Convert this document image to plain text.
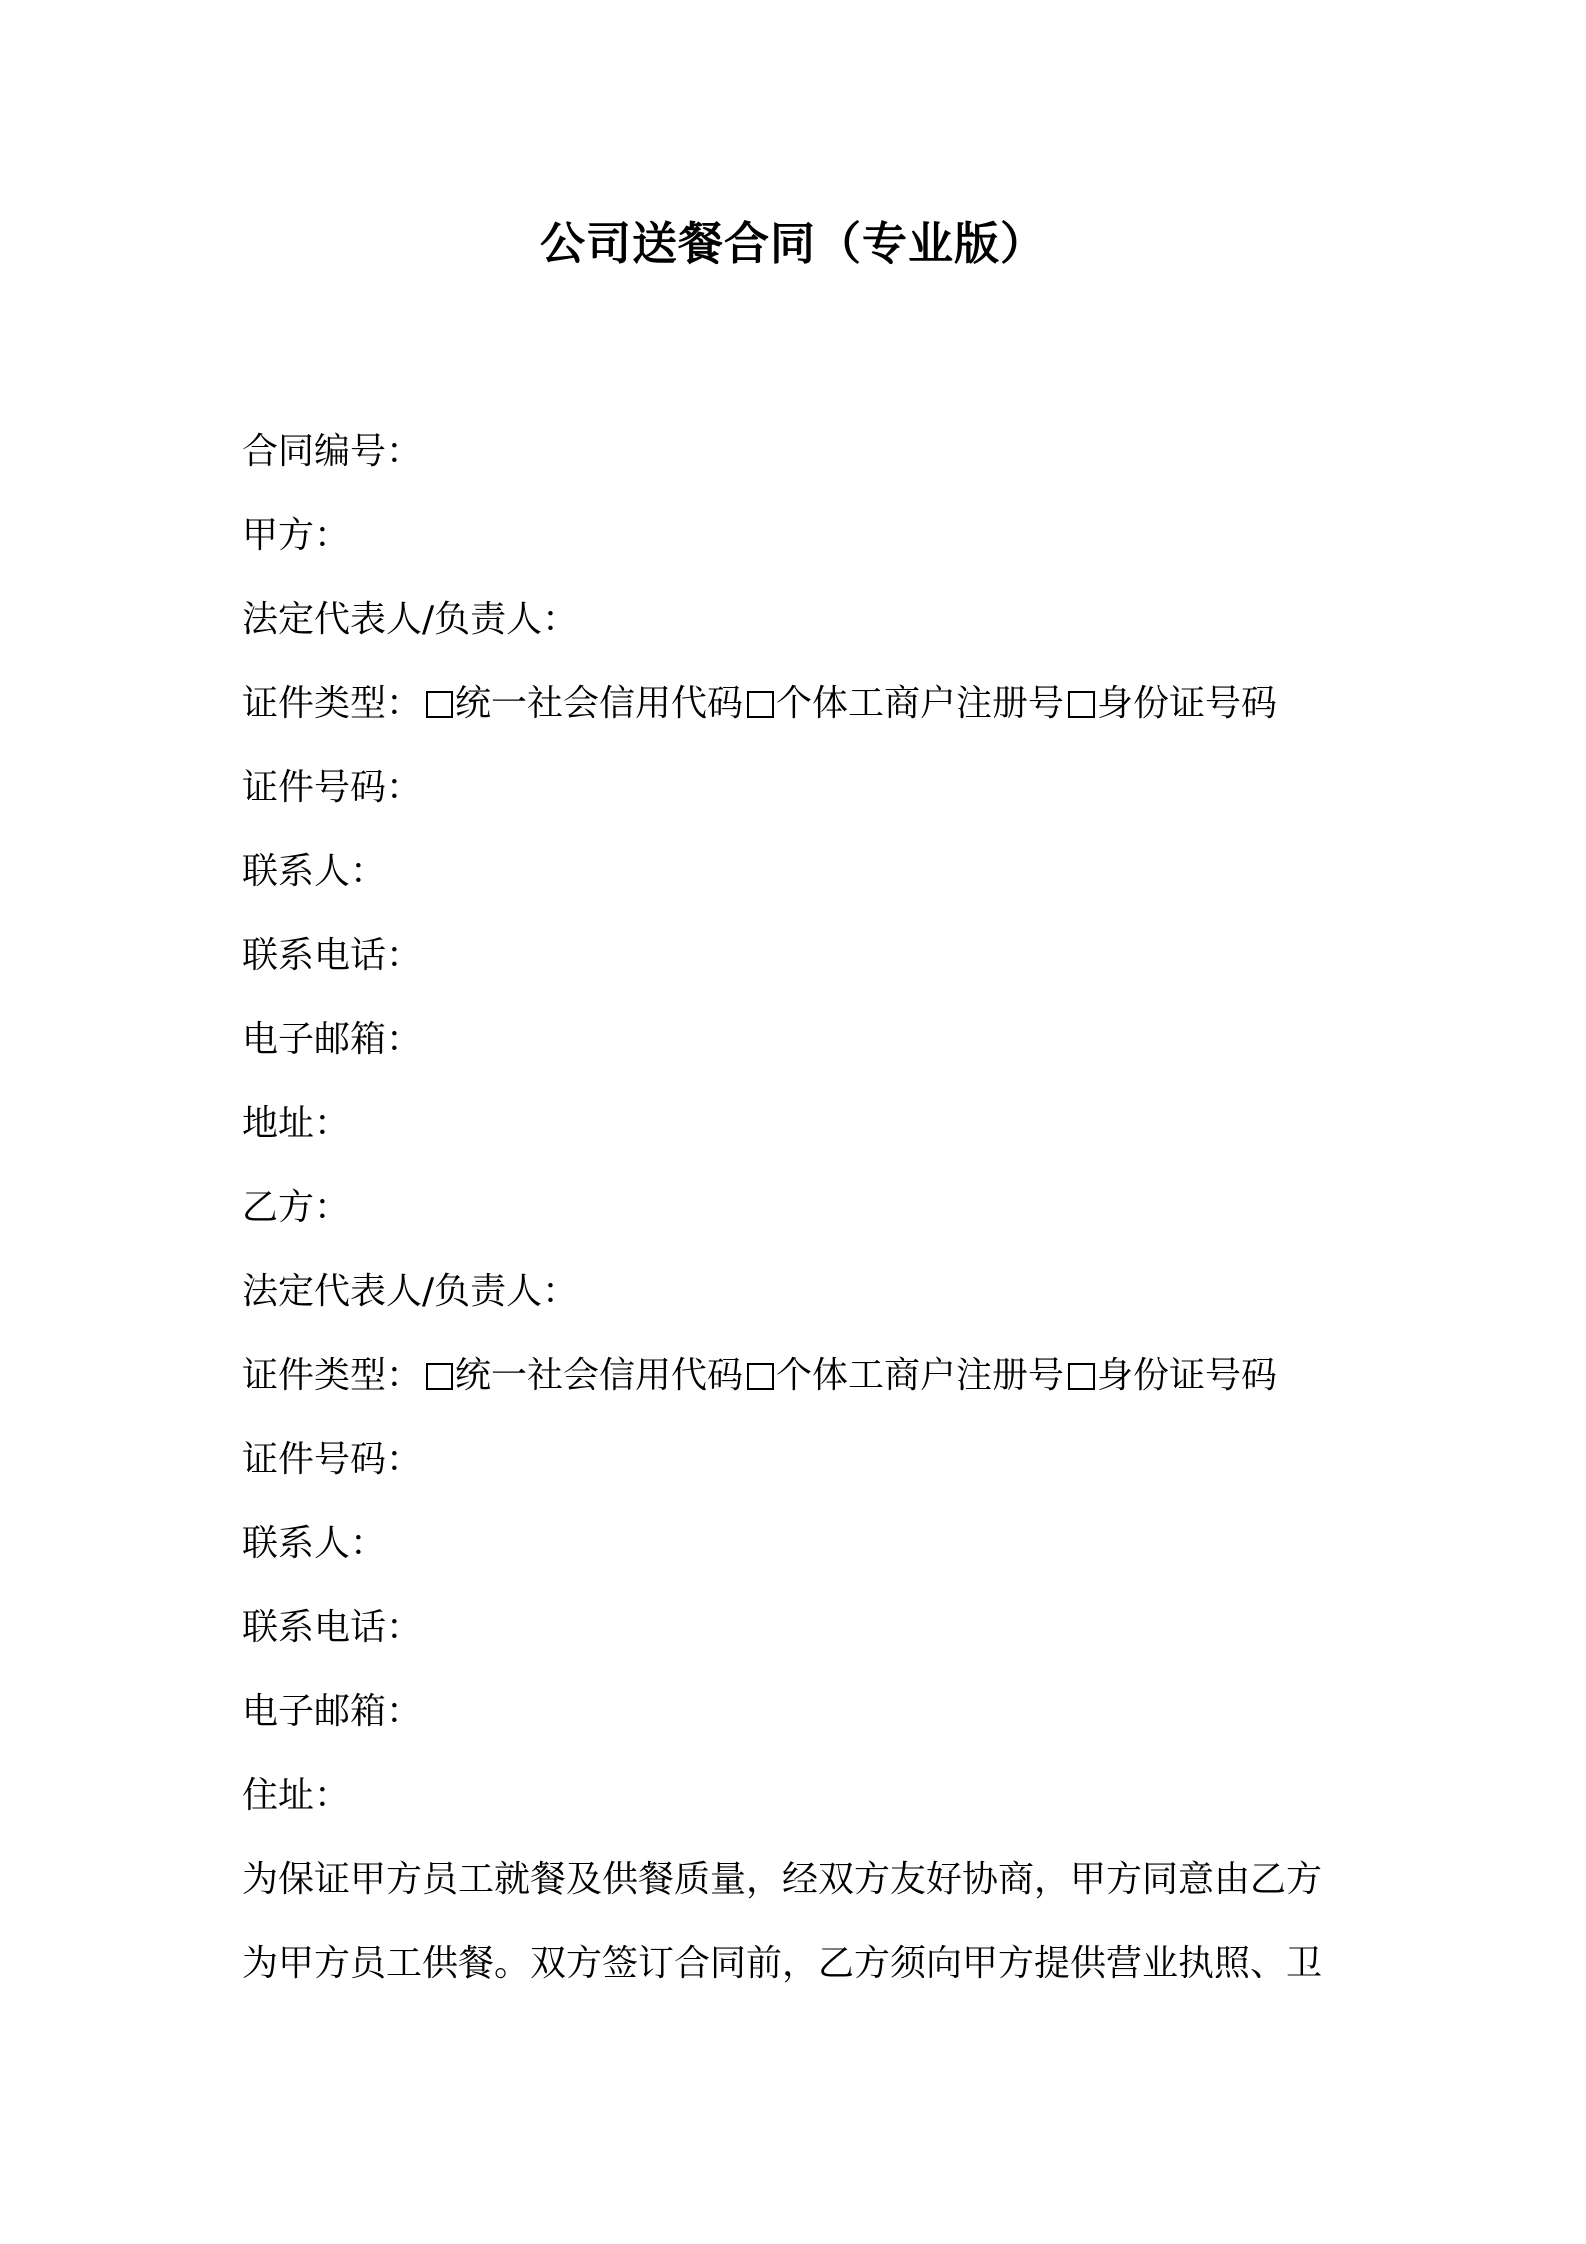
公司送餐合同（专业版）
合同编号：
甲方：
法定代表人/负责人：
证件类型： 统一社会信用代码 个体工商户注册号 身份证号码
证件号码：
联系人：
联系电话：
电子邮箱：
地址：
乙方：
法定代表人/负责人：
证件类型： 统一社会信用代码 个体工商户注册号 身份证号码
证件号码：
联系人：
联系电话：
电子邮箱：
住址：
为保证甲方员工就餐及供餐质量，经双方友好协商，甲方同意由乙方为甲方员工供餐。双方签订合同前，乙方须向甲方提供营业执照、卫
